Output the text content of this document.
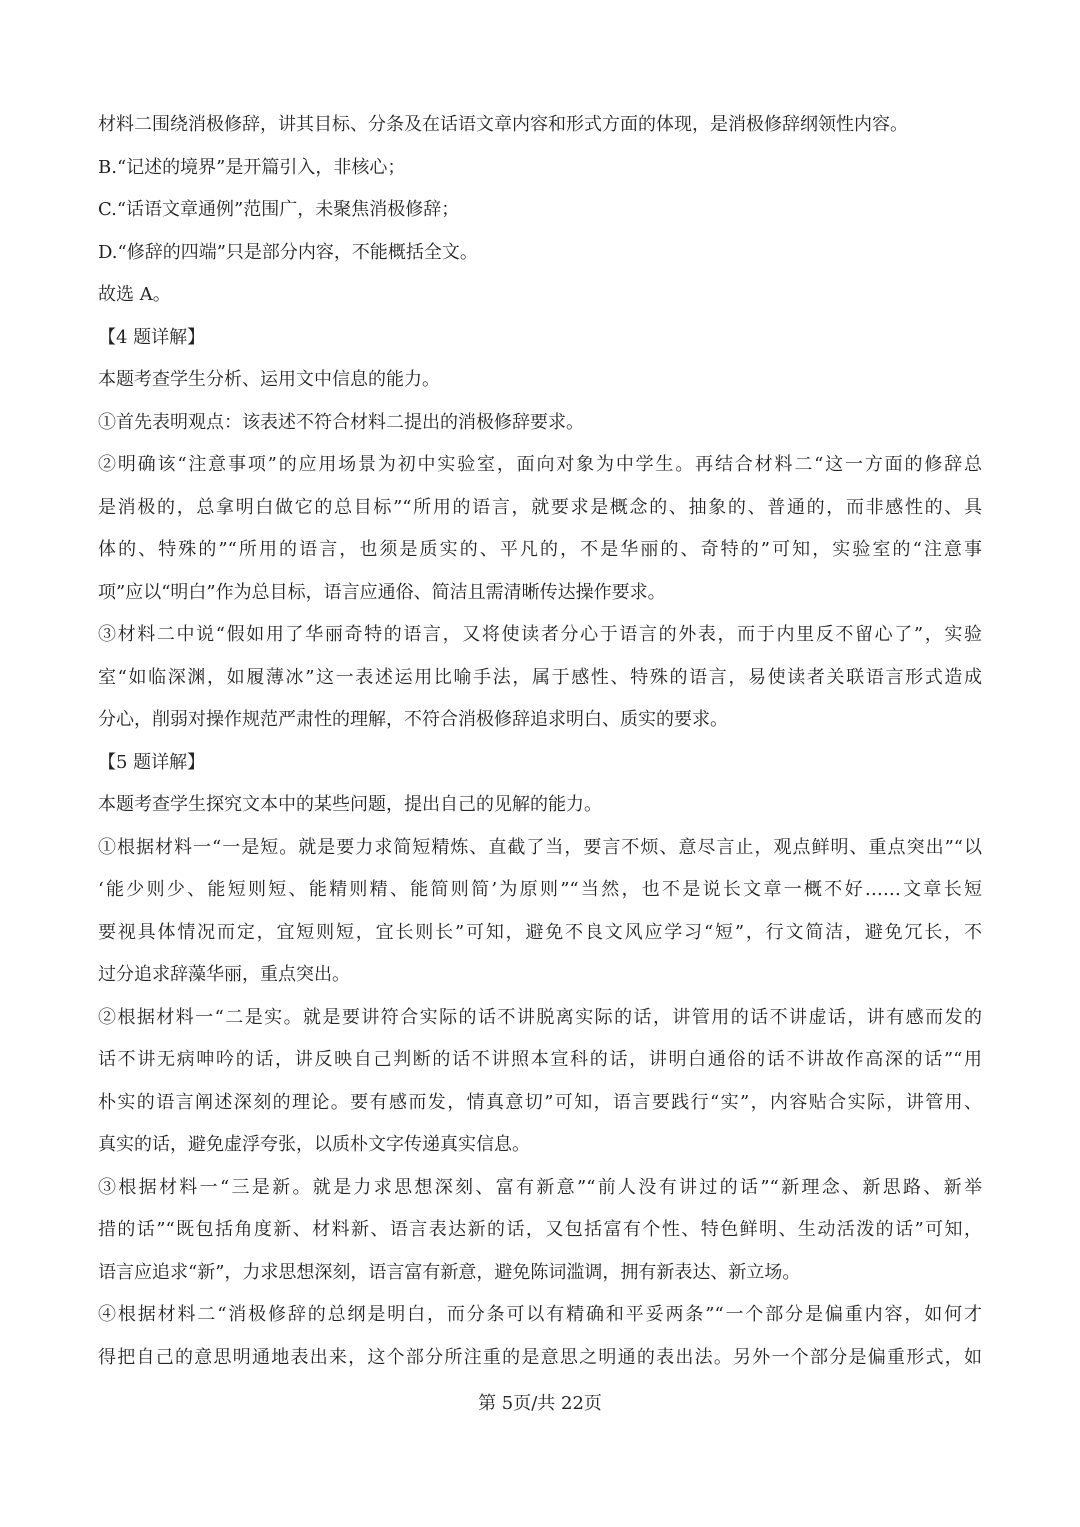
材料二围绕消极修辞，讲其目标、分条及在话语文章内容和形式方面的体现，是消极修辞纲领性内容。
B.“记述的境界”是开篇引入，非核心；
C.“话语文章通例”范围广，未聚焦消极修辞；
D.“修辞的四端”只是部分内容，不能概括全文。
故选 A。
【4 题详解】
本题考查学生分析、运用文中信息的能力。
①首先表明观点：该表述不符合材料二提出的消极修辞要求。
②明确该“注意事项”的应用场景为初中实验室，面向对象为中学生。再结合材料二“这一方面的修辞总
是消极的，总拿明白做它的总目标”“所用的语言，就要求是概念的、抽象的、普通的，而非感性的、具
体的、特殊的”“所用的语言，也须是质实的、平凡的，不是华丽的、奇特的”可知，实验室的“注意事
项”应以“明白”作为总目标，语言应通俗、简洁且需清晰传达操作要求。
③材料二中说“假如用了华丽奇特的语言，又将使读者分心于语言的外表，而于内里反不留心了”，实验
室“如临深渊，如履薄冰”这一表述运用比喻手法，属于感性、特殊的语言，易使读者关联语言形式造成
分心，削弱对操作规范严肃性的理解，不符合消极修辞追求明白、质实的要求。
【5 题详解】
本题考查学生探究文本中的某些问题，提出自己的见解的能力。
①根据材料一“一是短。就是要力求简短精炼、直截了当，要言不烦、意尽言止，观点鲜明、重点突出”“以
‘能少则少、能短则短、能精则精、能简则简’为原则”“当然，也不是说长文章一概不好……文章长短
要视具体情况而定，宜短则短，宜长则长”可知，避免不良文风应学习“短”，行文简洁，避免冗长，不
过分追求辞藻华丽，重点突出。
②根据材料一“二是实。就是要讲符合实际的话不讲脱离实际的话，讲管用的话不讲虚话，讲有感而发的
话不讲无病呻吟的话，讲反映自己判断的话不讲照本宣科的话，讲明白通俗的话不讲故作高深的话”“用
朴实的语言阐述深刻的理论。要有感而发，情真意切”可知，语言要践行“实”，内容贴合实际，讲管用、
真实的话，避免虚浮夸张，以质朴文字传递真实信息。
③根据材料一“三是新。就是力求思想深刻、富有新意”“前人没有讲过的话”“新理念、新思路、新举
措的话”“既包括角度新、材料新、语言表达新的话，又包括富有个性、特色鲜明、生动活泼的话”可知，
语言应追求“新”，力求思想深刻，语言富有新意，避免陈词滥调，拥有新表达、新立场。
④根据材料二“消极修辞的总纲是明白，而分条可以有精确和平妥两条”“一个部分是偏重内容，如何才
得把自己的意思明通地表出来，这个部分所注重的是意思之明通的表出法。另外一个部分是偏重形式，如
第 5页/共 22页
